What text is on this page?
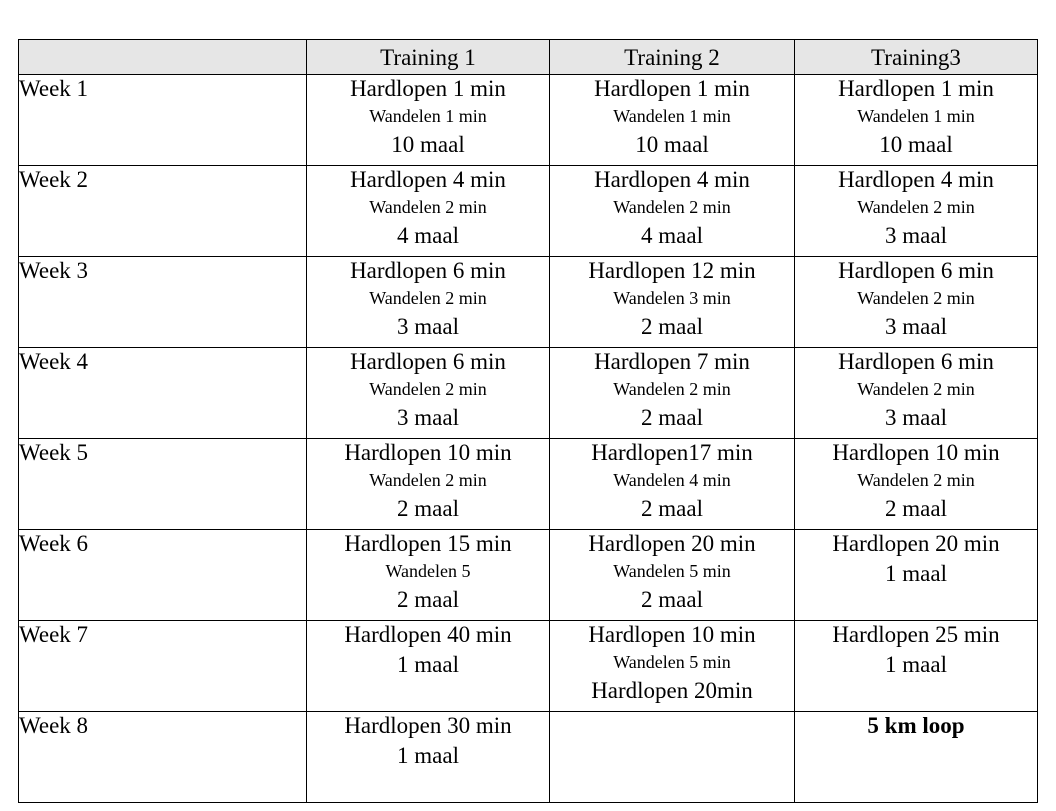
	Training 1	Training 2	Training3
Week 1	Hardlopen 1 min
Wandelen 1 min
10 maal	Hardlopen 1 min
Wandelen 1 min
10 maal	Hardlopen 1 min
Wandelen 1 min
10 maal

Week 2	Hardlopen 4 min
Wandelen 2 min
4 maal	Hardlopen 4 min
Wandelen 2 min
4 maal	Hardlopen 4 min
Wandelen 2 min
3 maal

Week 3	Hardlopen 6 min
Wandelen 2 min
3 maal	Hardlopen 12 min
Wandelen 3 min
2 maal	Hardlopen 6 min
Wandelen 2 min
3 maal

Week 4	Hardlopen 6 min
Wandelen 2 min
3 maal	Hardlopen 7 min
Wandelen 2 min
2 maal	Hardlopen 6 min
Wandelen 2 min
3 maal

Week 5	Hardlopen 10 min
Wandelen 2 min
2 maal	Hardlopen17 min
Wandelen 4 min
2 maal	Hardlopen 10 min
Wandelen 2 min
2 maal

Week 6	Hardlopen 15 min
Wandelen 5
2 maal	Hardlopen 20 min
Wandelen 5 min
2 maal	Hardlopen 20 min
1 maal

Week 7	Hardlopen 40 min
1 maal	Hardlopen 10 min
Wandelen 5 min
Hardlopen 20min	Hardlopen 25 min
1 maal

Week 8	Hardlopen 30 min
1 maal		5 km loop
